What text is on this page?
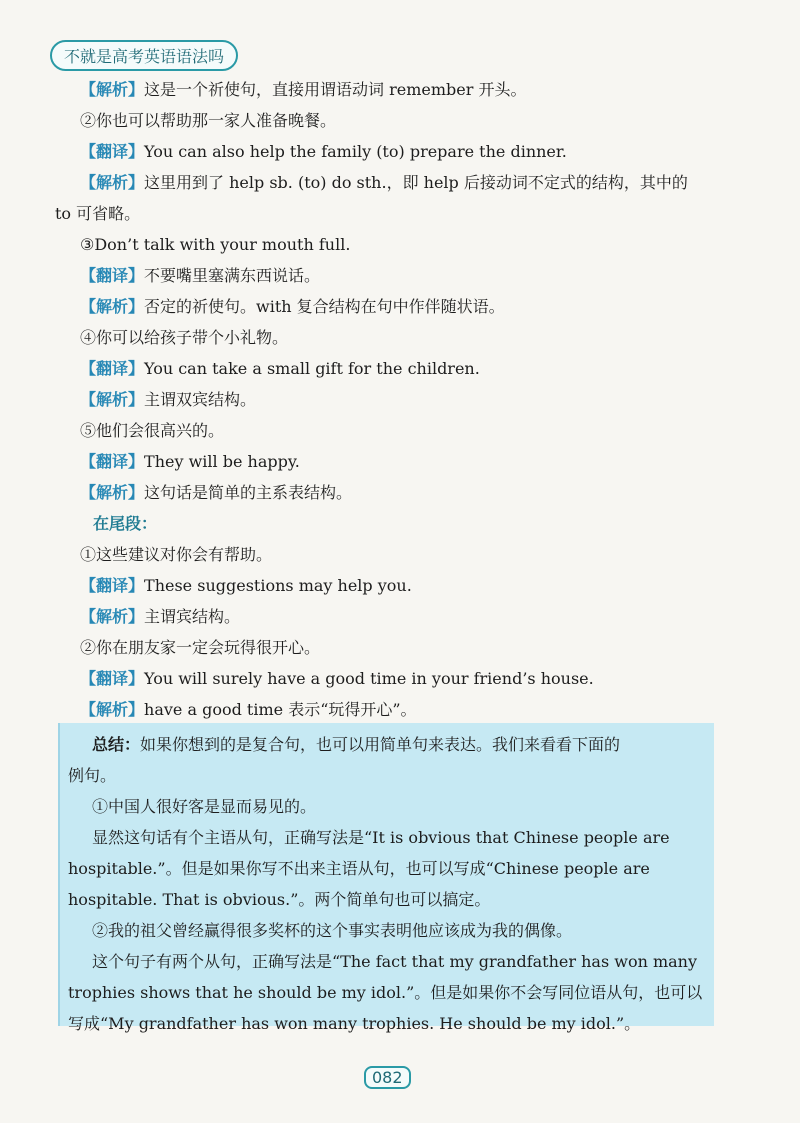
不就是高考英语语法吗

【解析】这是一个祈使句，直接用谓语动词 remember 开头。

②你也可以帮助那一家人准备晚餐。

【翻译】You can also help the family (to) prepare the dinner.

【解析】这里用到了 help sb. (to) do sth.，即 help 后接动词不定式的结构，其中的

to 可省略。

③Don’t talk with your mouth full.

【翻译】不要嘴里塞满东西说话。

【解析】否定的祈使句。with 复合结构在句中作伴随状语。

④你可以给孩子带个小礼物。

【翻译】You can take a small gift for the children.

【解析】主谓双宾结构。

⑤他们会很高兴的。

【翻译】They will be happy.

【解析】这句话是简单的主系表结构。

在尾段：

①这些建议对你会有帮助。

【翻译】These suggestions may help you.

【解析】主谓宾结构。

②你在朋友家一定会玩得很开心。

【翻译】You will surely have a good time in your friend’s house.

【解析】have a good time 表示“玩得开心”。

总结：如果你想到的是复合句，也可以用简单句来表达。我们来看看下面的

例句。

①中国人很好客是显而易见的。

显然这句话有个主语从句，正确写法是“It is obvious that Chinese people are

hospitable.”。但是如果你写不出来主语从句，也可以写成“Chinese people are

hospitable. That is obvious.”。两个简单句也可以搞定。

②我的祖父曾经赢得很多奖杯的这个事实表明他应该成为我的偶像。

这个句子有两个从句，正确写法是“The fact that my grandfather has won many

trophies shows that he should be my idol.”。但是如果你不会写同位语从句，也可以

写成“My grandfather has won many trophies. He should be my idol.”。

082
